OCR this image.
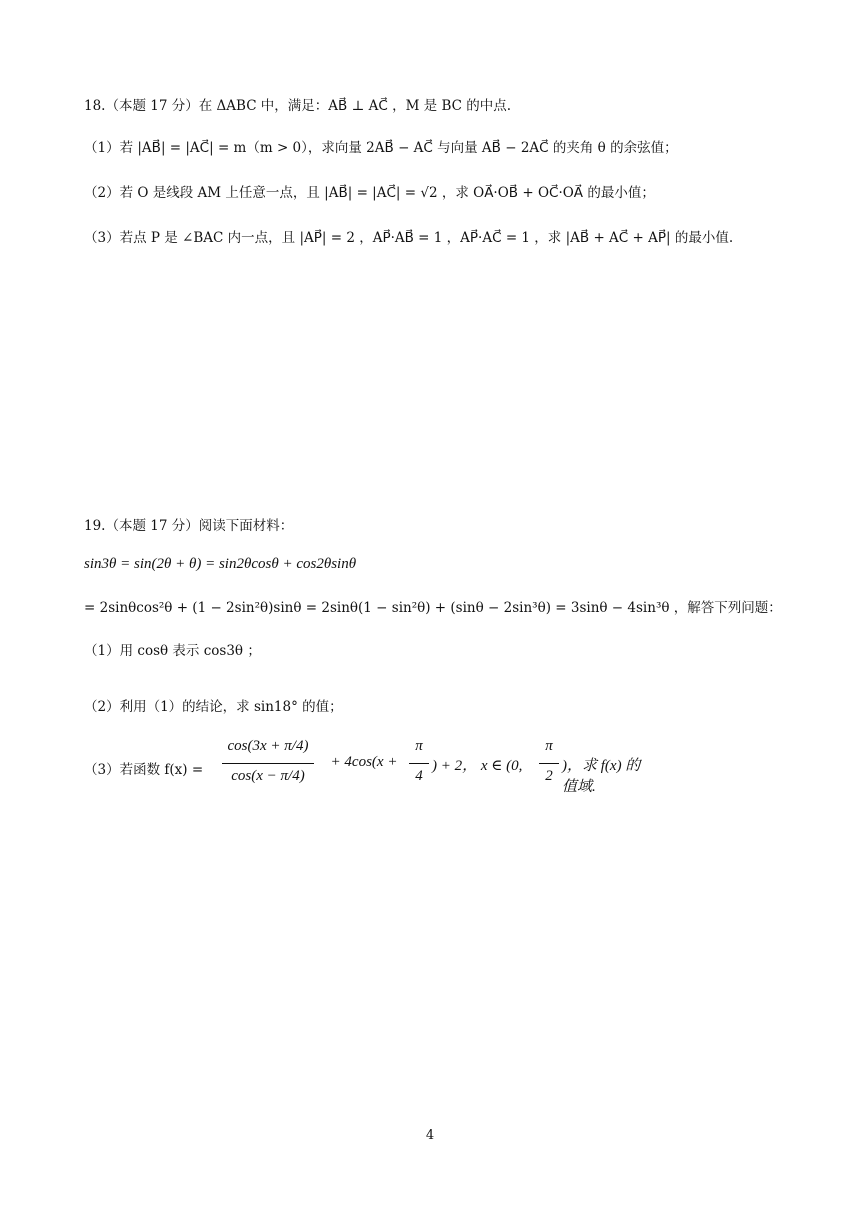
18.（本题 17 分）在 ΔABC 中，满足：AB⃗ ⊥ AC⃗ ，M 是 BC 的中点.
（1）若 |AB⃗| = |AC⃗| = m（m > 0），求向量 2AB⃗ − AC⃗ 与向量 AB⃗ − 2AC⃗ 的夹角 θ 的余弦值；
（2）若 O 是线段 AM 上任意一点，且 |AB⃗| = |AC⃗| = √2 ，求 OA⃗·OB⃗ + OC⃗·OA⃗ 的最小值；
（3）若点 P 是 ∠BAC 内一点，且 |AP⃗| = 2 ，AP⃗·AB⃗ = 1 ，AP⃗·AC⃗ = 1 ，求 |AB⃗ + AC⃗ + AP⃗| 的最小值.
19.（本题 17 分）阅读下面材料：
sin3θ = sin(2θ + θ) = sin2θcosθ + cos2θsinθ
= 2sinθcos²θ + (1 − 2sin²θ)sinθ = 2sinθ(1 − sin²θ) + (sinθ − 2sin³θ) = 3sinθ − 4sin³θ ，解答下列问题：
（1）用 cosθ 表示 cos3θ ；
（2）利用（1）的结论，求 sin18° 的值；
（3）若函数 f(x) =
cos(3x + π/4)
cos(x − π/4)
+ 4cos(x +
π
4
) + 2， x ∈ (0,
π
2
)，求 f(x) 的值域.
4
